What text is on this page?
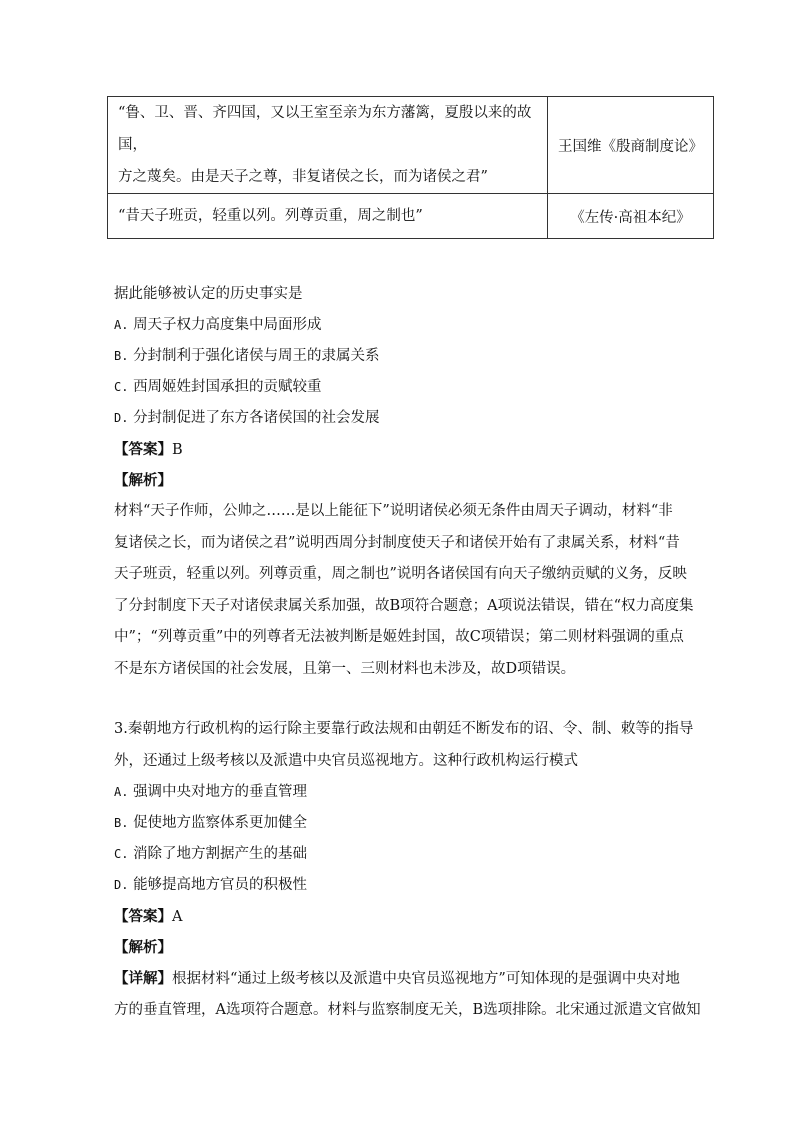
“鲁、卫、晋、齐四国，又以王室至亲为东方藩篱，夏殷以来的故国，
方之蔑矣。由是天子之尊，非复诸侯之长，而为诸侯之君”	王国维《殷商制度论》

“昔天子班贡，轻重以列。列尊贡重，周之制也”	《左传·高祖本纪》
据此能够被认定的历史事实是
A. 周天子权力高度集中局面形成
B. 分封制利于强化诸侯与周王的隶属关系
C. 西周姬姓封国承担的贡赋较重
D. 分封制促进了东方各诸侯国的社会发展
【答案】B
【解析】
材料“天子作师，公帅之……是以上能征下”说明诸侯必须无条件由周天子调动，材料“非
复诸侯之长，而为诸侯之君”说明西周分封制度使天子和诸侯开始有了隶属关系，材料“昔
天子班贡，轻重以列。列尊贡重，周之制也”说明各诸侯国有向天子缴纳贡赋的义务，反映
了分封制度下天子对诸侯隶属关系加强，故B项符合题意；A项说法错误，错在“权力高度集
中”；“列尊贡重”中的列尊者无法被判断是姬姓封国，故C项错误；第二则材料强调的重点
不是东方诸侯国的社会发展，且第一、三则材料也未涉及，故D项错误。
3.秦朝地方行政机构的运行除主要靠行政法规和由朝廷不断发布的诏、令、制、敕等的指导
外，还通过上级考核以及派遣中央官员巡视地方。这种行政机构运行模式
A. 强调中央对地方的垂直管理
B. 促使地方监察体系更加健全
C. 消除了地方割据产生的基础
D. 能够提高地方官员的积极性
【答案】A
【解析】
【详解】根据材料“通过上级考核以及派遣中央官员巡视地方”可知体现的是强调中央对地
方的垂直管理，A选项符合题意。材料与监察制度无关，B选项排除。北宋通过派遣文官做知
